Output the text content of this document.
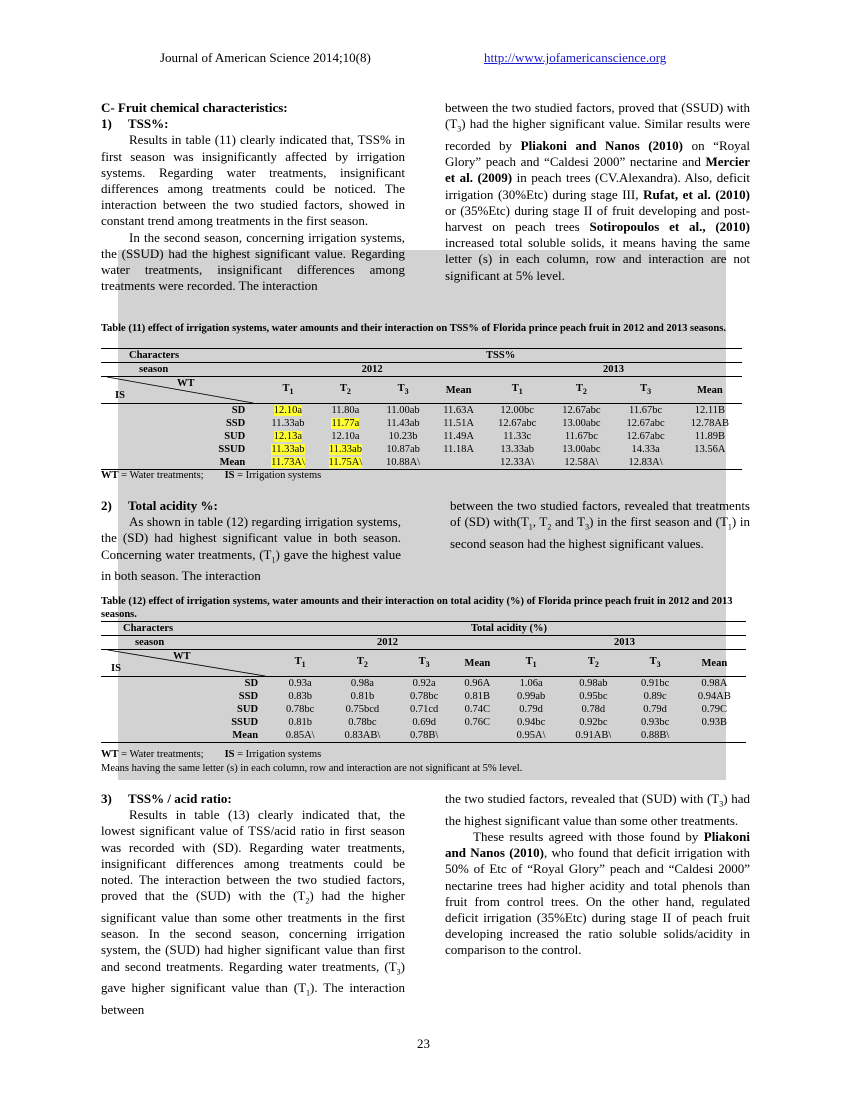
Journal of American Science 2014;10(8)	http://www.jofamericanscience.org

C- Fruit chemical characteristics:

1) TSS%:

Results in table (11) clearly indicated that, TSS% in first season was insignificantly affected by irrigation systems. Regarding water treatments, insignificant differences among treatments could be noticed. The interaction between the two studied factors, showed in constant trend among treatments in the first season.

In the second season, concerning irrigation systems, the (SSUD) had the highest significant value. Regarding water treatments, insignificant differences among treatments were recorded. The interaction

between the two studied factors, proved that (SSUD) with $(T_3)$ had the higher significant value. Similar results were recorded by Pliakoni and Nanos (2010) on “Royal Glory” peach and “Caldesi 2000” nectarine and Mercier et al. (2009) in peach trees (CV.Alexandra). Also, deficit irrigation (30%Etc) during stage III, Rufat, et al. (2010) or (35%Etc) during stage II of fruit developing and post-harvest on peach trees Sotiropoulos et al., (2010) increased total soluble solids, it means having the same letter (s) in each column, row and interaction are not significant at 5% level.

Table (11) effect of irrigation systems, water amounts and their interaction on TSS% of Florida prince peach fruit in 2012 and 2013 seasons.
Characters	TSS%							
season	2012				2013			

WT
IS	$T_1$	$T_2$	$T_3$	Mean	$T_1$	$T_2$	$T_3$	Mean
SD	12.10a	11.80a	11.00ab	11.63A	12.00bc	12.67abc	11.67bc	12.11B
SSD	11.33ab	11.77a	11.43ab	11.51A	12.67abc	13.00abc	12.67abc	12.78AB
SUD	12.13a	12.10a	10.23b	11.49A	11.33c	11.67bc	12.67abc	11.89B
SSUD	11.33ab	11.33ab	10.87ab	11.18A	13.33ab	13.00abc	14.33a	13.56A
Mean	11.73A\	11.75A\	10.88A\		12.33A\	12.58A\	12.83A\	
WT = Water treatments; IS = Irrigation systems

2) Total acidity %:

As shown in table (12) regarding irrigation systems, the (SD) had highest significant value in both season. Concerning water treatments, $(T_1)$ gave the highest value in both season. The interaction

between the two studied factors, revealed that treatments of (SD) $with(T_1$, $T_2$ and $T_3$) in the first season and $(T_1)$ in second season had the highest significant values.

Table (12) effect of irrigation systems, water amounts and their interaction on total acidity (%) of Florida prince peach fruit in 2012 and 2013 seasons.
Characters	Total acidity (%)							
season	2012				2013			

WT
IS	$T_1$	$T_2$	$T_3$	Mean	$T_1$	$T_2$	$T_3$	Mean
SD	0.93a	0.98a	0.92a	0.96A	1.06a	0.98ab	0.91bc	0.98A
SSD	0.83b	0.81b	0.78bc	0.81B	0.99ab	0.95bc	0.89c	0.94AB
SUD	0.78bc	0.75bcd	0.71cd	0.74C	0.79d	0.78d	0.79d	0.79C
SSUD	0.81b	0.78bc	0.69d	0.76C	0.94bc	0.92bc	0.93bc	0.93B
Mean	0.85A\	0.83AB\	0.78B\		0.95A\	0.91AB\	0.88B\	
WT = Water treatments; IS = Irrigation systems
Means having the same letter (s) in each column, row and interaction are not significant at 5% level.

3) TSS% / acid ratio:

Results in table (13) clearly indicated that, the lowest significant value of TSS/acid ratio in first season was recorded with (SD). Regarding water treatments, insignificant differences among treatments could be noted. The interaction between the two studied factors, proved that the (SUD) with the $(T_2)$ had the higher significant value than some other treatments in the first season. In the second season, concerning irrigation system, the (SUD) had higher significant value than first and second treatments. Regarding water treatments, $(T_3)$ gave higher significant value than $(T_1)$. The interaction between

the two studied factors, revealed that (SUD) with $(T_3)$ had the highest significant value than some other treatments.

These results agreed with those found by Pliakoni and Nanos (2010), who found that deficit irrigation with 50% of Etc of “Royal Glory” peach and “Caldesi 2000” nectarine trees had higher acidity and total phenols than fruit from control trees. On the other hand, regulated deficit irrigation (35%Etc) during stage II of peach fruit developing increased the ratio soluble solids/acidity in comparison to the control.

23
